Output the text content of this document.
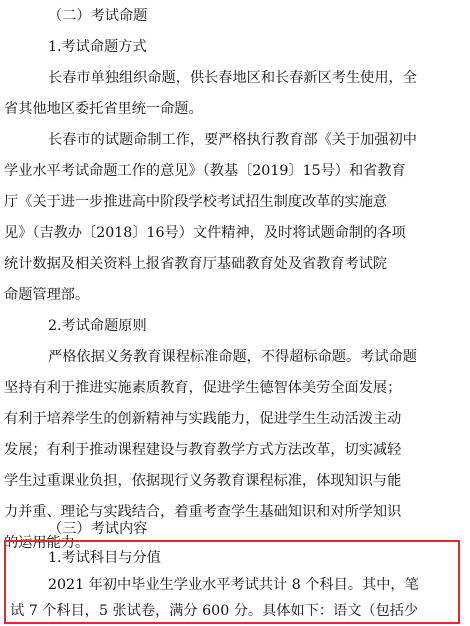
（二）考试命题
1.考试命题方式
长春市单独组织命题，供长春地区和长春新区考生使用，全
省其他地区委托省里统一命题。
长春市的试题命制工作，要严格执行教育部《关于加强初中
学业水平考试命题工作的意见》（教基〔2019〕15号）和省教育
厅《关于进一步推进高中阶段学校考试招生制度改革的实施意
见》（吉教办〔2018〕16号）文件精神，及时将试题命制的各项
统计数据及相关资料上报省教育厅基础教育处及省教育考试院
命题管理部。
2.考试命题原则
严格依据义务教育课程标准命题，不得超标命题。考试命题
坚持有利于推进实施素质教育，促进学生德智体美劳全面发展；
有利于培养学生的创新精神与实践能力，促进学生生动活泼主动
发展；有利于推动课程建设与教育教学方式方法改革，切实减轻
学生过重课业负担，依据现行义务教育课程标准，体现知识与能
力并重、理论与实践结合，着重考查学生基础知识和对所学知识
的运用能力。
（三）考试内容
1.考试科目与分值
2021 年初中毕业生学业水平考试共计 8 个科目。其中，笔
试 7 个科目，5 张试卷，满分 600 分。具体如下：语文（包括少
